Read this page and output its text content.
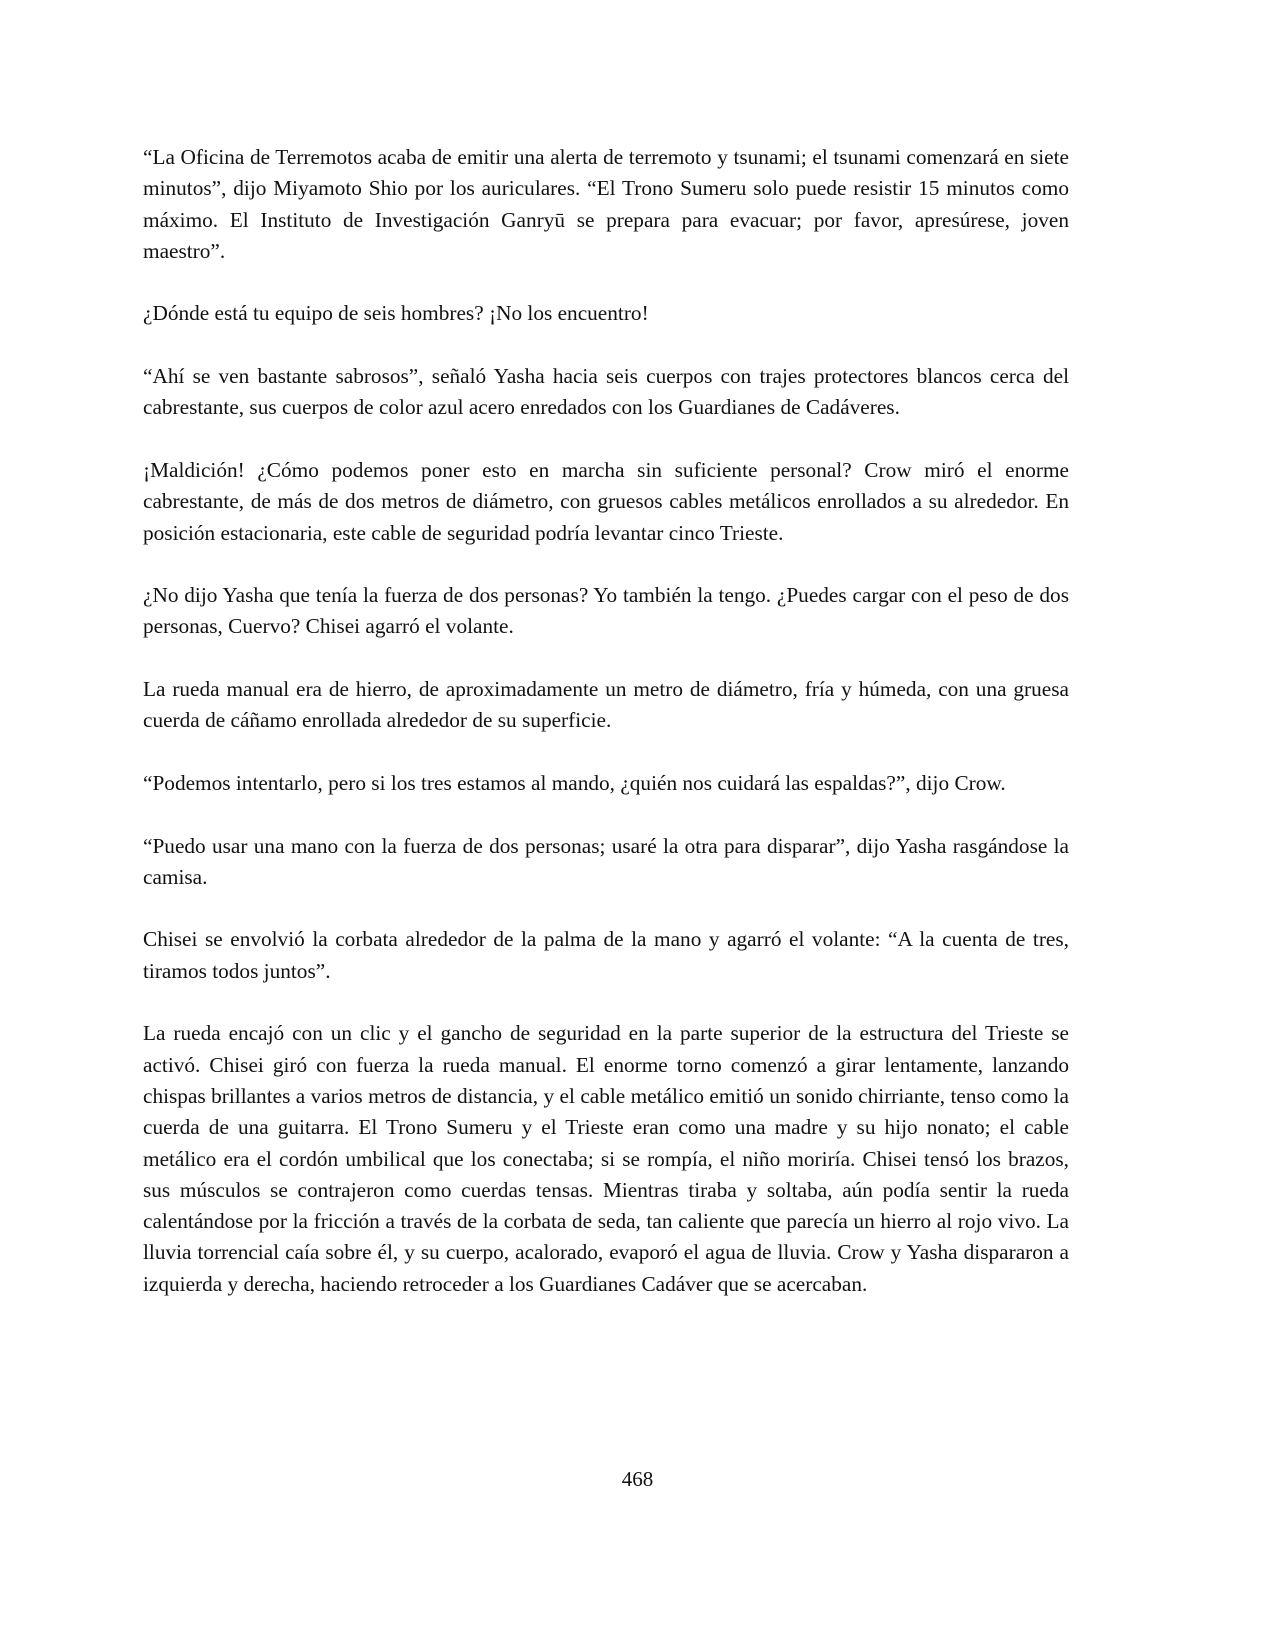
“La Oficina de Terremotos acaba de emitir una alerta de terremoto y tsunami; el tsunami comenzará en siete minutos”, dijo Miyamoto Shio por los auriculares. “El Trono Sumeru solo puede resistir 15 minutos como máximo. El Instituto de Investigación Ganryū se prepara para evacuar; por favor, apresúrese, joven maestro”.

¿Dónde está tu equipo de seis hombres? ¡No los encuentro!

“Ahí se ven bastante sabrosos”, señaló Yasha hacia seis cuerpos con trajes protectores blancos cerca del cabrestante, sus cuerpos de color azul acero enredados con los Guardianes de Cadáveres.

¡Maldición! ¿Cómo podemos poner esto en marcha sin suficiente personal? Crow miró el enorme cabrestante, de más de dos metros de diámetro, con gruesos cables metálicos enrollados a su alrededor. En posición estacionaria, este cable de seguridad podría levantar cinco Trieste.

¿No dijo Yasha que tenía la fuerza de dos personas? Yo también la tengo. ¿Puedes cargar con el peso de dos personas, Cuervo? Chisei agarró el volante.

La rueda manual era de hierro, de aproximadamente un metro de diámetro, fría y húmeda, con una gruesa cuerda de cáñamo enrollada alrededor de su superficie.

“Podemos intentarlo, pero si los tres estamos al mando, ¿quién nos cuidará las espaldas?”, dijo Crow.

“Puedo usar una mano con la fuerza de dos personas; usaré la otra para disparar”, dijo Yasha rasgándose la camisa.

Chisei se envolvió la corbata alrededor de la palma de la mano y agarró el volante: “A la cuenta de tres, tiramos todos juntos”.

La rueda encajó con un clic y el gancho de seguridad en la parte superior de la estructura del Trieste se activó. Chisei giró con fuerza la rueda manual. El enorme torno comenzó a girar lentamente, lanzando chispas brillantes a varios metros de distancia, y el cable metálico emitió un sonido chirriante, tenso como la cuerda de una guitarra. El Trono Sumeru y el Trieste eran como una madre y su hijo nonato; el cable metálico era el cordón umbilical que los conectaba; si se rompía, el niño moriría. Chisei tensó los brazos, sus músculos se contrajeron como cuerdas tensas. Mientras tiraba y soltaba, aún podía sentir la rueda calentándose por la fricción a través de la corbata de seda, tan caliente que parecía un hierro al rojo vivo. La lluvia torrencial caía sobre él, y su cuerpo, acalorado, evaporó el agua de lluvia. Crow y Yasha dispararon a izquierda y derecha, haciendo retroceder a los Guardianes Cadáver que se acercaban.

468
